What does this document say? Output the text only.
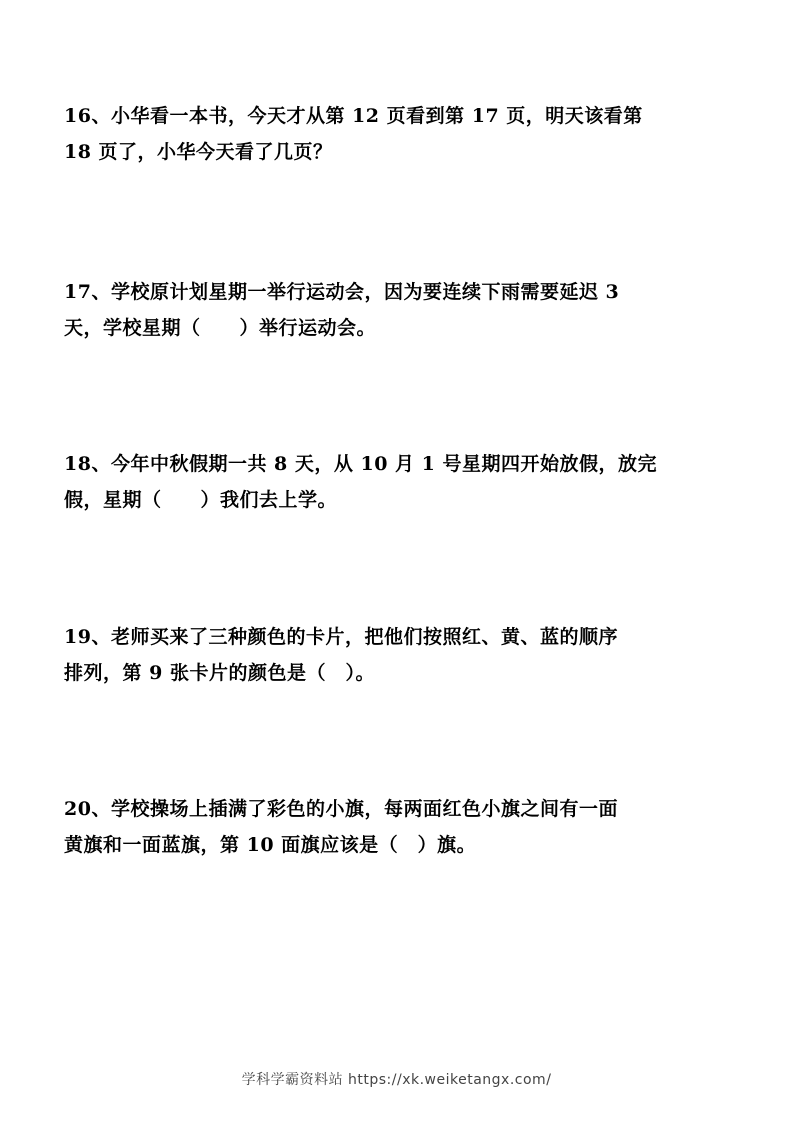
16、小华看一本书，今天才从第 12 页看到第 17 页，明天该看第
18 页了，小华今天看了几页？
17、学校原计划星期一举行运动会，因为要连续下雨需要延迟 3
天，学校星期（　　）举行运动会。
18、今年中秋假期一共 8 天，从 10 月 1 号星期四开始放假，放完
假，星期（　　）我们去上学。
19、老师买来了三种颜色的卡片，把他们按照红、黄、蓝的顺序
排列，第 9 张卡片的颜色是（　）。
20、学校操场上插满了彩色的小旗，每两面红色小旗之间有一面
黄旗和一面蓝旗，第 10 面旗应该是（　）旗。
学科学霸资料站 https://xk.weiketangx.com/
